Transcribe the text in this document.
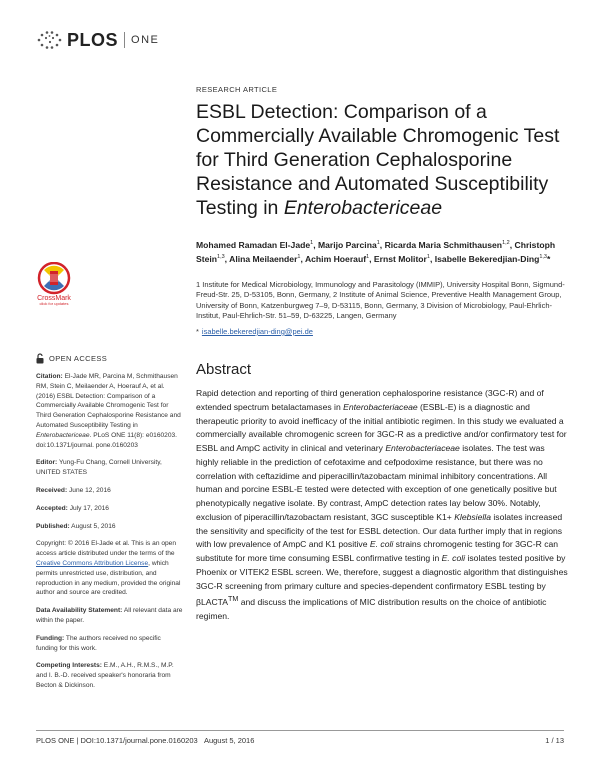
PLOS ONE
RESEARCH ARTICLE
ESBL Detection: Comparison of a Commercially Available Chromogenic Test for Third Generation Cephalosporine Resistance and Automated Susceptibility Testing in Enterobactericeae
Mohamed Ramadan El-Jade$^1$, Marijo Parcina$^1$, Ricarda Maria Schmithausen$^{1,2}$, Christoph Stein$^{1,3}$, Alina Meilaender$^1$, Achim Hoerauf$^1$, Ernst Molitor$^1$, Isabelle Bekeredjian-Ding$^{1,3}$*
1 Institute for Medical Microbiology, Immunology and Parasitology (IMMIP), University Hospital Bonn, Sigmund-Freud-Str. 25, D-53105, Bonn, Germany, 2 Institute of Animal Science, Preventive Health Management Group, University of Bonn, Katzenburgweg 7–9, D-53115, Bonn, Germany, 3 Division of Microbiology, Paul-Ehrlich-Institut, Paul-Ehrlich-Str. 51–59, D-63225, Langen, Germany
* isabelle.bekeredjian-ding@pei.de
CrossMark
click for updates
OPEN ACCESS
Citation: El-Jade MR, Parcina M, Schmithausen RM, Stein C, Meilaender A, Hoerauf A, et al. (2016) ESBL Detection: Comparison of a Commercially Available Chromogenic Test for Third Generation Cephalosporine Resistance and Automated Susceptibility Testing in Enterobactericeae. PLoS ONE 11(8): e0160203. doi:10.1371/journal. pone.0160203
Editor: Yung-Fu Chang, Cornell University, UNITED STATES
Received: June 12, 2016
Accepted: July 17, 2016
Published: August 5, 2016
Copyright: © 2016 El-Jade et al. This is an open access article distributed under the terms of the Creative Commons Attribution License, which permits unrestricted use, distribution, and reproduction in any medium, provided the original author and source are credited.
Data Availability Statement: All relevant data are within the paper.
Funding: The authors received no specific funding for this work.
Competing Interests: E.M., A.H., R.M.S., M.P. and I. B.-D. received speaker's honoraria from Becton & Dickinson.
Abstract
Rapid detection and reporting of third generation cephalosporine resistance (3GC-R) and of extended spectrum betalactamases in Enterobacteriaceae (ESBL-E) is a diagnostic and therapeutic priority to avoid inefficacy of the initial antibiotic regimen. In this study we evaluated a commercially available chromogenic screen for 3GC-R as a predictive and/or confirmatory test for ESBL and AmpC activity in clinical and veterinary Enterobacteriaceae isolates. The test was highly reliable in the prediction of cefotaxime and cefpodoxime resistance, but there was no correlation with ceftazidime and piperacillin/tazobactam minimal inhibitory concentrations. All human and porcine ESBL-E tested were detected with exception of one genetically positive but phenotypically negative isolate. By contrast, AmpC detection rates lay below 30%. Notably, exclusion of piperacillin/tazobactam resistant, 3GC susceptible K1+ Klebsiella isolates increased the sensitivity and specificity of the test for ESBL detection. Our data further imply that in regions with low prevalence of AmpC and K1 positive E. coli strains chromogenic testing for 3GC-R can substitute for more time consuming ESBL confirmative testing in E. coli isolates tested positive by Phoenix or VITEK2 ESBL screen. We, therefore, suggest a diagnostic algorithm that distinguishes 3GC-R screening from primary culture and species-dependent confirmatory ESBL testing by βLACTA™ and discuss the implications of MIC distribution results on the choice of antibiotic regimen.
PLOS ONE | DOI:10.1371/journal.pone.0160203 August 5, 2016	1 / 13
